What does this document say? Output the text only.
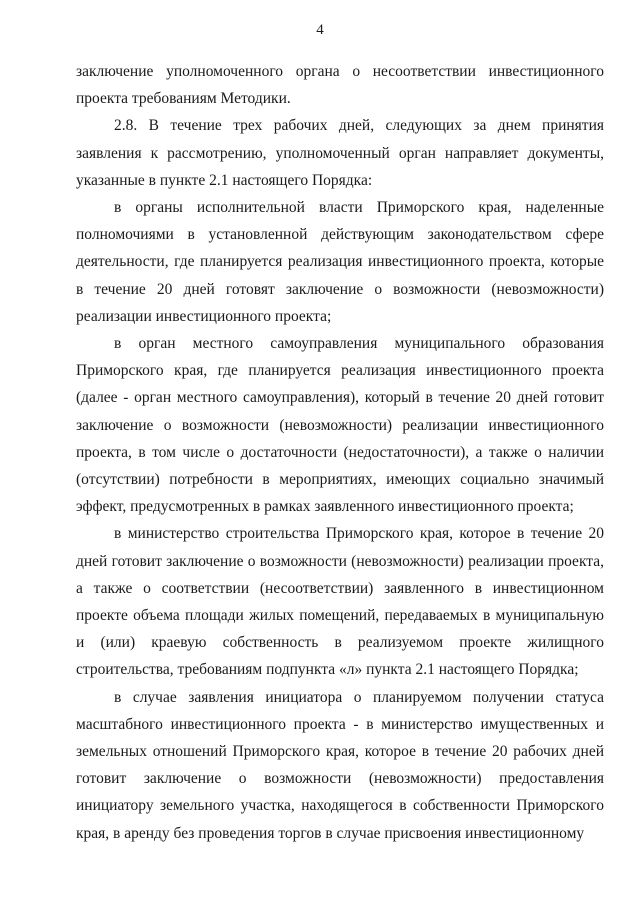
4

заключение уполномоченного органа о несоответствии инвестиционного проекта требованиям Методики.

2.8. В течение трех рабочих дней, следующих за днем принятия заявления к рассмотрению, уполномоченный орган направляет документы, указанные в пункте 2.1 настоящего Порядка:

в органы исполнительной власти Приморского края, наделенные полномочиями в установленной действующим законодательством сфере деятельности, где планируется реализация инвестиционного проекта, которые в течение 20 дней готовят заключение о возможности (невозможности) реализации инвестиционного проекта;

в орган местного самоуправления муниципального образования Приморского края, где планируется реализация инвестиционного проекта (далее - орган местного самоуправления), который в течение 20 дней готовит заключение о возможности (невозможности) реализации инвестиционного проекта, в том числе о достаточности (недостаточности), а также о наличии (отсутствии) потребности в мероприятиях, имеющих социально значимый эффект, предусмотренных в рамках заявленного инвестиционного проекта;

в министерство строительства Приморского края, которое в течение 20 дней готовит заключение о возможности (невозможности) реализации проекта, а также о соответствии (несоответствии) заявленного в инвестиционном проекте объема площади жилых помещений, передаваемых в муниципальную и (или) краевую собственность в реализуемом проекте жилищного строительства, требованиям подпункта «л» пункта 2.1 настоящего Порядка;

в случае заявления инициатора о планируемом получении статуса масштабного инвестиционного проекта - в министерство имущественных и земельных отношений Приморского края, которое в течение 20 рабочих дней готовит заключение о возможности (невозможности) предоставления инициатору земельного участка, находящегося в собственности Приморского края, в аренду без проведения торгов в случае присвоения инвестиционному
